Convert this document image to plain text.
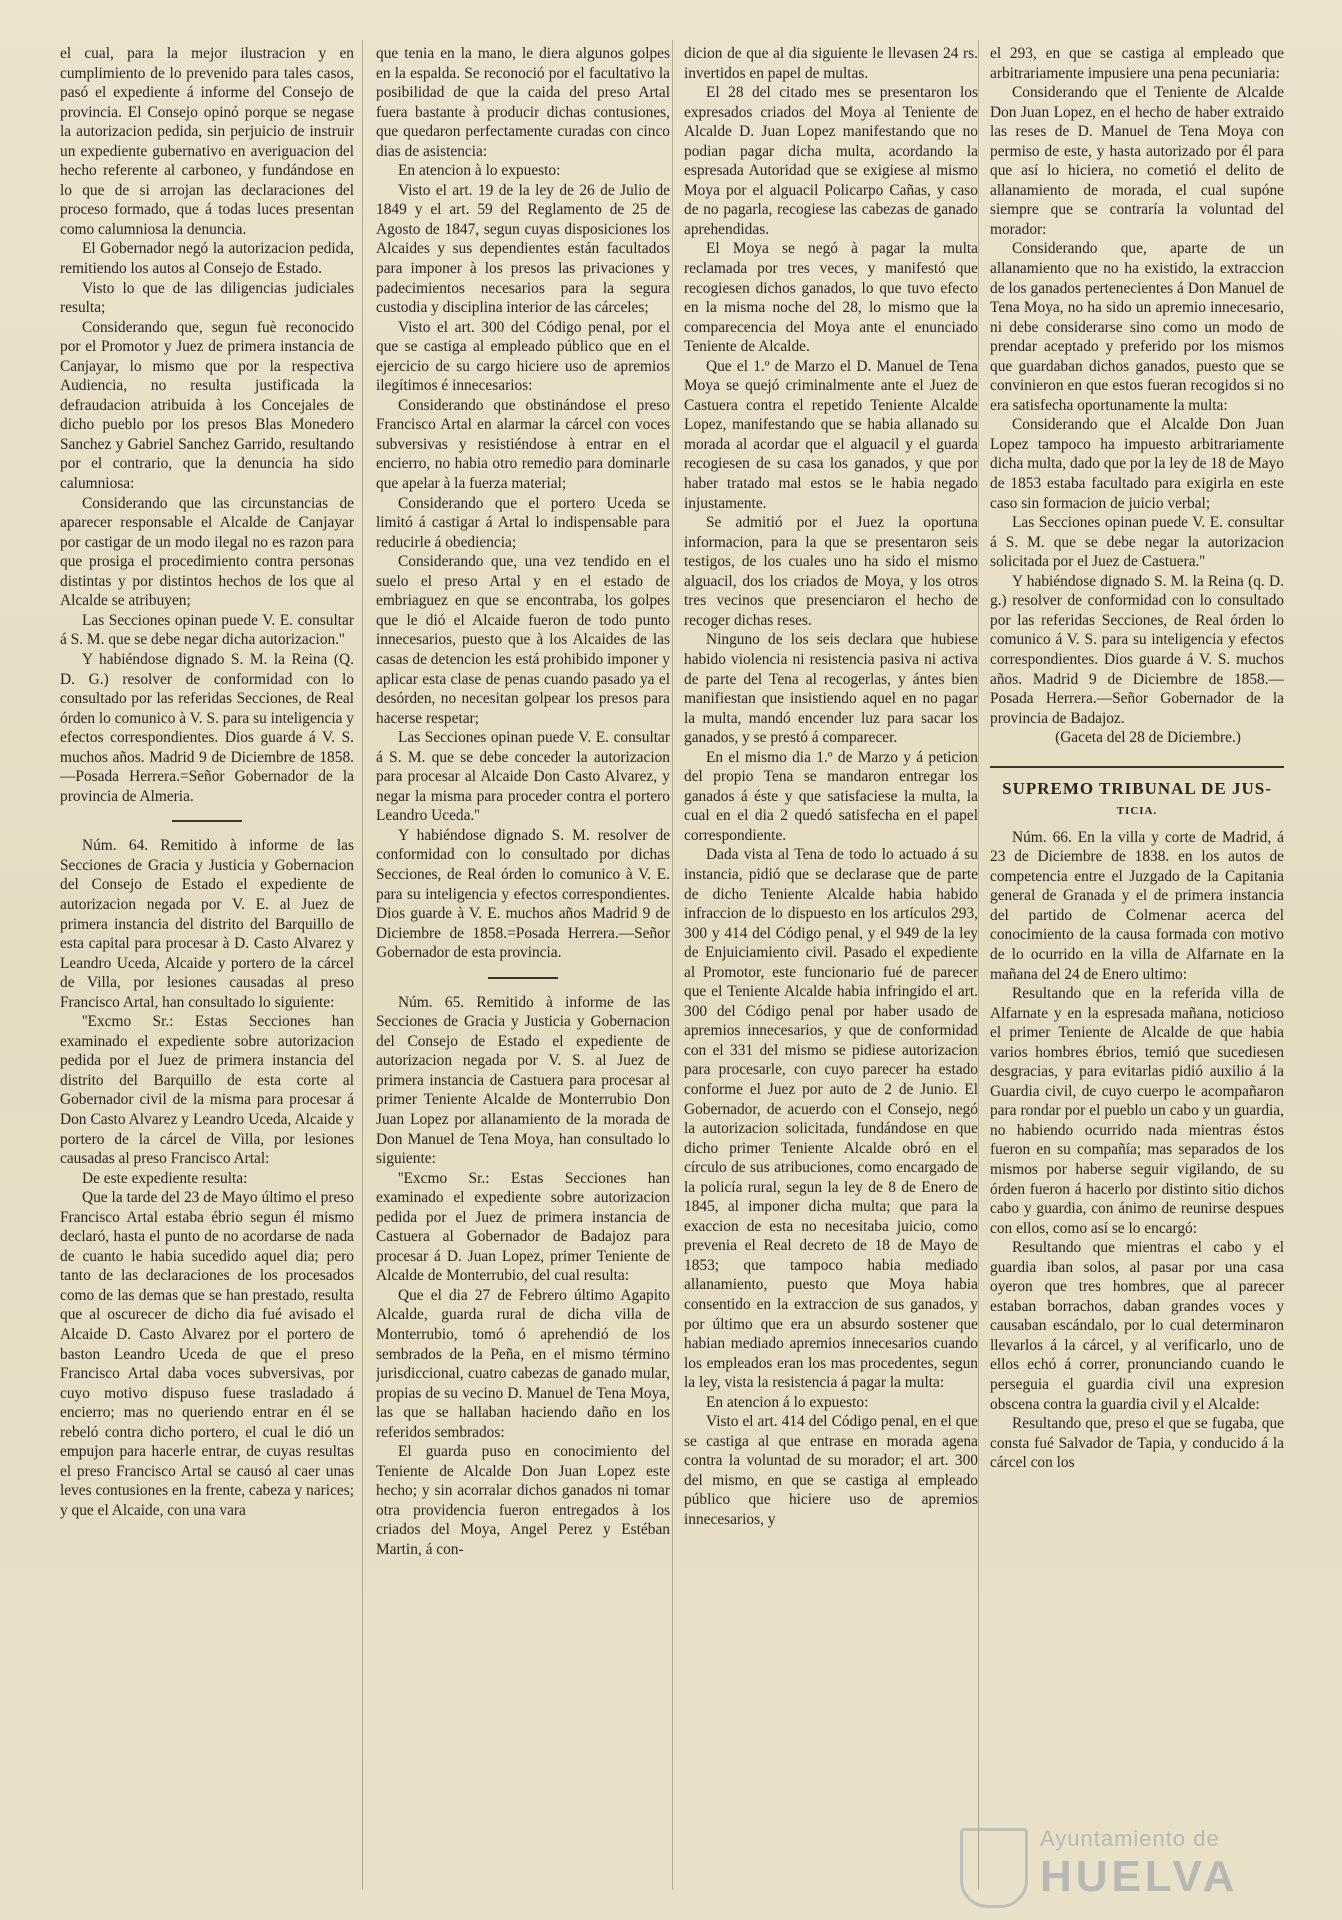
el cual, para la mejor ilustracion y en cumplimiento de lo prevenido para tales casos, pasó el expediente á informe del Consejo de provincia. El Consejo opinó porque se negase la autorizacion pedida, sin perjuicio de instruir un expediente gubernativo en averiguacion del hecho referente al carboneo, y fundándose en lo que de si arrojan las declaraciones del proceso formado, que á todas luces presentan como calumniosa la denuncia.

El Gobernador negó la autorizacion pedida, remitiendo los autos al Consejo de Estado.

Visto lo que de las diligencias judiciales resulta;

Considerando que, segun fuè reconocido por el Promotor y Juez de primera instancia de Canjayar, lo mismo que por la respectiva Audiencia, no resulta justificada la defraudacion atribuida à los Concejales de dicho pueblo por los presos Blas Monedero Sanchez y Gabriel Sanchez Garrido, resultando por el contrario, que la denuncia ha sido calumniosa:

Considerando que las circunstancias de aparecer responsable el Alcalde de Canjayar por castigar de un modo ilegal no es razon para que prosiga el procedimiento contra personas distintas y por distintos hechos de los que al Alcalde se atribuyen;

Las Secciones opinan puede V. E. consultar á S. M. que se debe negar dicha autorizacion.''

Y habiéndose dignado S. M. la Reina (Q. D. G.) resolver de conformidad con lo consultado por las referidas Secciones, de Real órden lo comunico à V. S. para su inteligencia y efectos correspondientes. Dios guarde á V. S. muchos años. Madrid 9 de Diciembre de 1858.—Posada Herrera.=Señor Gobernador de la provincia de Almeria.

Núm. 64. Remitido à informe de las Secciones de Gracia y Justicia y Gobernacion del Consejo de Estado el expediente de autorizacion negada por V. E. al Juez de primera instancia del distrito del Barquillo de esta capital para procesar à D. Casto Alvarez y Leandro Uceda, Alcaide y portero de la cárcel de Villa, por lesiones causadas al preso Francisco Artal, han consultado lo siguiente:

''Excmo Sr.: Estas Secciones han examinado el expediente sobre autorizacion pedida por el Juez de primera instancia del distrito del Barquillo de esta corte al Gobernador civil de la misma para procesar á Don Casto Alvarez y Leandro Uceda, Alcaide y portero de la cárcel de Villa, por lesiones causadas al preso Francisco Artal:

De este expediente resulta:

Que la tarde del 23 de Mayo último el preso Francisco Artal estaba ébrio segun él mismo declaró, hasta el punto de no acordarse de nada de cuanto le habia sucedido aquel dia; pero tanto de las declaraciones de los procesados como de las demas que se han prestado, resulta que al oscurecer de dicho dia fué avisado el Alcaide D. Casto Alvarez por el portero de baston Leandro Uceda de que el preso Francisco Artal daba voces subversivas, por cuyo motivo dispuso fuese trasladado á encierro; mas no queriendo entrar en él se rebeló contra dicho portero, el cual le dió un empujon para hacerle entrar, de cuyas resultas el preso Francisco Artal se causó al caer unas leves contusiones en la frente, cabeza y narices; y que el Alcaide, con una vara

que tenia en la mano, le diera algunos golpes en la espalda. Se reconoció por el facultativo la posibilidad de que la caida del preso Artal fuera bastante à producir dichas contusiones, que quedaron perfectamente curadas con cinco dias de asistencia:

En atencion à lo expuesto:

Visto el art. 19 de la ley de 26 de Julio de 1849 y el art. 59 del Reglamento de 25 de Agosto de 1847, segun cuyas disposiciones los Alcaides y sus dependientes están facultados para imponer à los presos las privaciones y padecimientos necesarios para la segura custodia y disciplina interior de las cárceles;

Visto el art. 300 del Código penal, por el que se castiga al empleado público que en el ejercicio de su cargo hiciere uso de apremios ilegítimos é innecesarios:

Considerando que obstinándose el preso Francisco Artal en alarmar la cárcel con voces subversivas y resistiéndose à entrar en el encierro, no habia otro remedio para dominarle que apelar à la fuerza material;

Considerando que el portero Uceda se limitó á castigar á Artal lo indispensable para reducirle á obediencia;

Considerando que, una vez tendido en el suelo el preso Artal y en el estado de embriaguez en que se encontraba, los golpes que le dió el Alcaide fueron de todo punto innecesarios, puesto que à los Alcaides de las casas de detencion les está prohibido imponer y aplicar esta clase de penas cuando pasado ya el desórden, no necesitan golpear los presos para hacerse respetar;

Las Secciones opinan puede V. E. consultar á S. M. que se debe conceder la autorizacion para procesar al Alcaide Don Casto Alvarez, y negar la misma para proceder contra el portero Leandro Uceda.''

Y habiéndose dignado S. M. resolver de conformidad con lo consultado por dichas Secciones, de Real órden lo comunico à V. E. para su inteligencia y efectos correspondientes. Dios guarde à V. E. muchos años Madrid 9 de Diciembre de 1858.=Posada Herrera.—Señor Gobernador de esta provincia.

Núm. 65. Remitido à informe de las Secciones de Gracia y Justicia y Gobernacion del Consejo de Estado el expediente de autorizacion negada por V. S. al Juez de primera instancia de Castuera para procesar al primer Teniente Alcalde de Monterrubio Don Juan Lopez por allanamiento de la morada de Don Manuel de Tena Moya, han consultado lo siguiente:

''Excmo Sr.: Estas Secciones han examinado el expediente sobre autorizacion pedida por el Juez de primera instancia de Castuera al Gobernador de Badajoz para procesar á D. Juan Lopez, primer Teniente de Alcalde de Monterrubio, del cual resulta:

Que el dia 27 de Febrero último Agapito Alcalde, guarda rural de dicha villa de Monterrubio, tomó ó aprehendió de los sembrados de la Peña, en el mismo término jurisdiccional, cuatro cabezas de ganado mular, propias de su vecino D. Manuel de Tena Moya, las que se hallaban haciendo daño en los referidos sembrados:

El guarda puso en conocimiento del Teniente de Alcalde Don Juan Lopez este hecho; y sin acorralar dichos ganados ni tomar otra providencia fueron entregados à los criados del Moya, Angel Perez y Estéban Martin, á con-

dicion de que al dia siguiente le llevasen 24 rs. invertidos en papel de multas.

El 28 del citado mes se presentaron los expresados criados del Moya al Teniente de Alcalde D. Juan Lopez manifestando que no podian pagar dicha multa, acordando la espresada Autoridad que se exigiese al mismo Moya por el alguacil Policarpo Cañas, y caso de no pagarla, recogiese las cabezas de ganado aprehendidas.

El Moya se negó à pagar la multa reclamada por tres veces, y manifestó que recogiesen dichos ganados, lo que tuvo efecto en la misma noche del 28, lo mismo que la comparecencia del Moya ante el enunciado Teniente de Alcalde.

Que el 1.º de Marzo el D. Manuel de Tena Moya se quejó criminalmente ante el Juez de Castuera contra el repetido Teniente Alcalde Lopez, manifestando que se habia allanado su morada al acordar que el alguacil y el guarda recogiesen de su casa los ganados, y que por haber tratado mal estos se le habia negado injustamente.

Se admitió por el Juez la oportuna informacion, para la que se presentaron seis testigos, de los cuales uno ha sido el mismo alguacil, dos los criados de Moya, y los otros tres vecinos que presenciaron el hecho de recoger dichas reses.

Ninguno de los seis declara que hubiese habido violencia ni resistencia pasiva ni activa de parte del Tena al recogerlas, y ántes bien manifiestan que insistiendo aquel en no pagar la multa, mandó encender luz para sacar los ganados, y se prestó á comparecer.

En el mismo dia 1.º de Marzo y á peticion del propio Tena se mandaron entregar los ganados á éste y que satisfaciese la multa, la cual en el dia 2 quedó satisfecha en el papel correspondiente.

Dada vista al Tena de todo lo actuado á su instancia, pidió que se declarase que de parte de dicho Teniente Alcalde habia habido infraccion de lo dispuesto en los artículos 293, 300 y 414 del Código penal, y el 949 de la ley de Enjuiciamiento civil. Pasado el expediente al Promotor, este funcionario fué de parecer que el Teniente Alcalde habia infringido el art. 300 del Código penal por haber usado de apremios innecesarios, y que de conformidad con el 331 del mismo se pidiese autorizacion para procesarle, con cuyo parecer ha estado conforme el Juez por auto de 2 de Junio. El Gobernador, de acuerdo con el Consejo, negó la autorizacion solicitada, fundándose en que dicho primer Teniente Alcalde obró en el círculo de sus atribuciones, como encargado de la policía rural, segun la ley de 8 de Enero de 1845, al imponer dicha multa; que para la exaccion de esta no necesitaba juicio, como prevenia el Real decreto de 18 de Mayo de 1853; que tampoco habia mediado allanamiento, puesto que Moya habia consentido en la extraccion de sus ganados, y por último que era un absurdo sostener que habian mediado apremios innecesarios cuando los empleados eran los mas procedentes, segun la ley, vista la resistencia á pagar la multa:

En atencion á lo expuesto:

Visto el art. 414 del Código penal, en el que se castiga al que entrase en morada agena contra la voluntad de su morador; el art. 300 del mismo, en que se castiga al empleado público que hiciere uso de apremios innecesarios, y

el 293, en que se castiga al empleado que arbitrariamente impusiere una pena pecuniaria:

Considerando que el Teniente de Alcalde Don Juan Lopez, en el hecho de haber extraido las reses de D. Manuel de Tena Moya con permiso de este, y hasta autorizado por él para que así lo hiciera, no cometió el delito de allanamiento de morada, el cual supóne siempre que se contraría la voluntad del morador:

Considerando que, aparte de un allanamiento que no ha existido, la extraccion de los ganados pertenecientes á Don Manuel de Tena Moya, no ha sido un apremio innecesario, ni debe considerarse sino como un modo de prendar aceptado y preferido por los mismos que guardaban dichos ganados, puesto que se convinieron en que estos fueran recogidos si no era satisfecha oportunamente la multa:

Considerando que el Alcalde Don Juan Lopez tampoco ha impuesto arbitrariamente dicha multa, dado que por la ley de 18 de Mayo de 1853 estaba facultado para exigirla en este caso sin formacion de juicio verbal;

Las Secciones opinan puede V. E. consultar á S. M. que se debe negar la autorizacion solicitada por el Juez de Castuera.''

Y habiéndose dignado S. M. la Reina (q. D. g.) resolver de conformidad con lo consultado por las referidas Secciones, de Real órden lo comunico á V. S. para su inteligencia y efectos correspondientes. Dios guarde á V. S. muchos años. Madrid 9 de Diciembre de 1858.—Posada Herrera.—Señor Gobernador de la provincia de Badajoz.

(Gaceta del 28 de Diciembre.)

SUPREMO TRIBUNAL DE JUS-
TICIA.

Núm. 66. En la villa y corte de Madrid, á 23 de Diciembre de 1838. en los autos de competencia entre el Juzgado de la Capitania general de Granada y el de primera instancia del partido de Colmenar acerca del conocimiento de la causa formada con motivo de lo ocurrido en la villa de Alfarnate en la mañana del 24 de Enero ultimo:

Resultando que en la referida villa de Alfarnate y en la espresada mañana, noticioso el primer Teniente de Alcalde de que habia varios hombres ébrios, temió que sucediesen desgracias, y para evitarlas pidió auxilio á la Guardia civil, de cuyo cuerpo le acompañaron para rondar por el pueblo un cabo y un guardia, no habiendo ocurrido nada mientras éstos fueron en su compañía; mas separados de los mismos por haberse seguir vigilando, de su órden fueron á hacerlo por distinto sitio dichos cabo y guardia, con ánimo de reunirse despues con ellos, como así se lo encargó:

Resultando que mientras el cabo y el guardia iban solos, al pasar por una casa oyeron que tres hombres, que al parecer estaban borrachos, daban grandes voces y causaban escándalo, por lo cual determinaron llevarlos á la cárcel, y al verificarlo, uno de ellos echó á correr, pronunciando cuando le perseguia el guardia civil una expresion obscena contra la guardia civil y el Alcalde:

Resultando que, preso el que se fugaba, que consta fué Salvador de Tapia, y conducido á la cárcel con los

Ayuntamiento de
HUELVA
